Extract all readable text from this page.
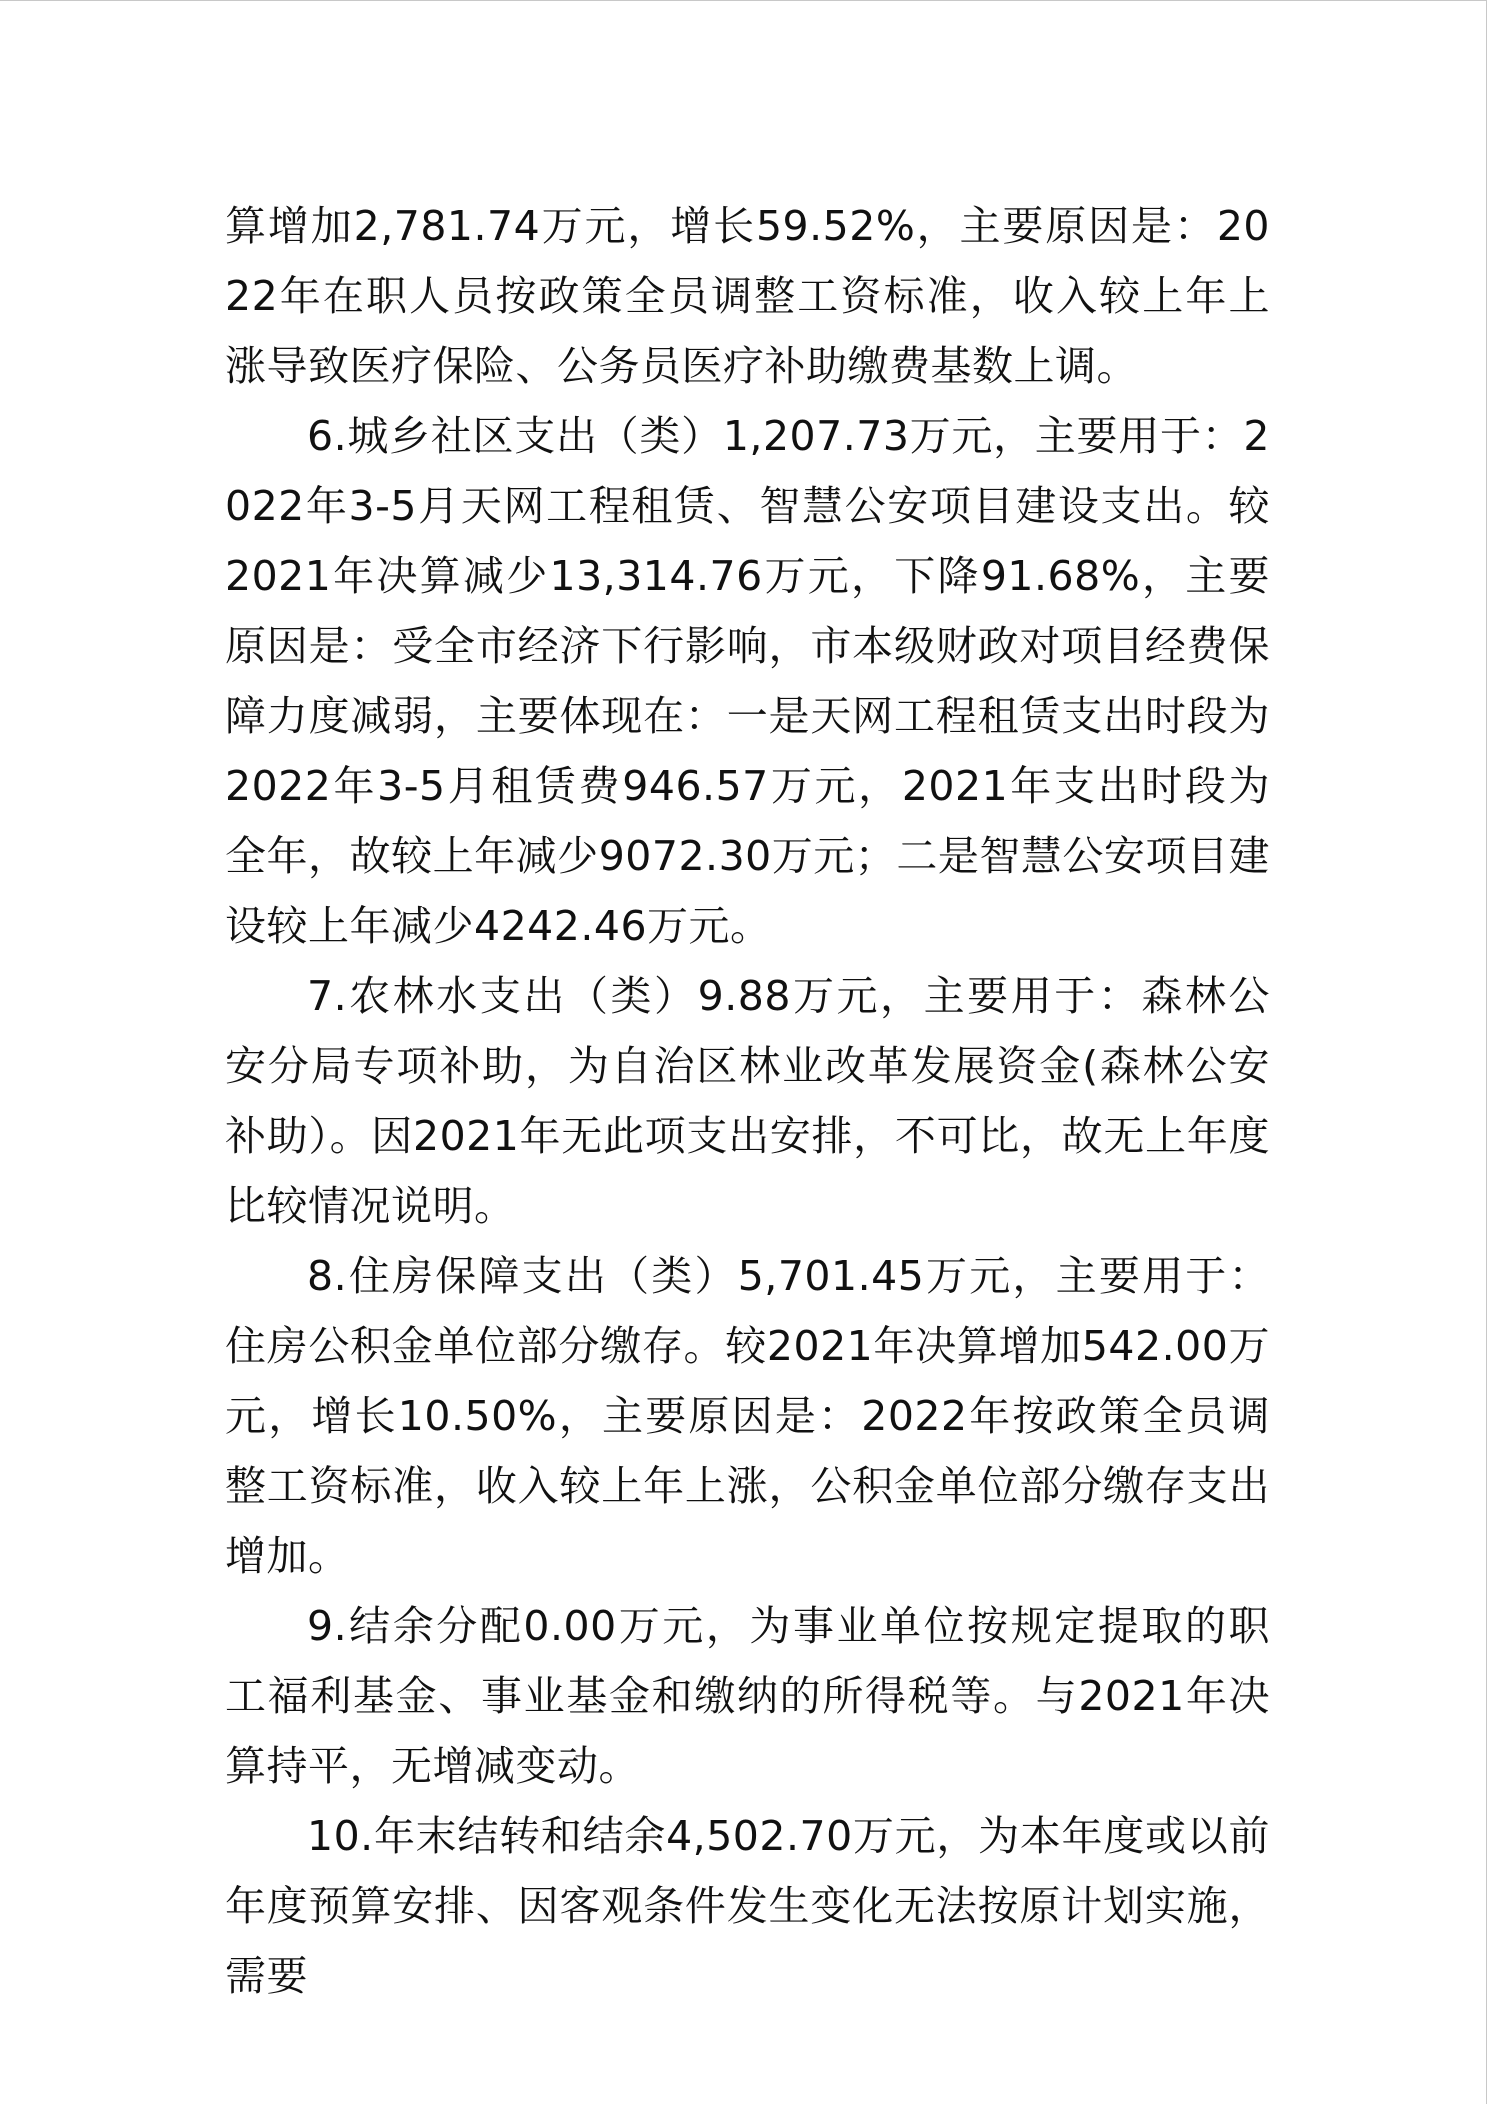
算增加2,781.74万元，增长59.52%，主要原因是：2022年在职人员按政策全员调整工资标准，收入较上年上涨导致医疗保险、公务员医疗补助缴费基数上调。

6.城乡社区支出（类）1,207.73万元，主要用于：2022年3-5月天网工程租赁、智慧公安项目建设支出。较2021年决算减少13,314.76万元，下降91.68%，主要原因是：受全市经济下行影响，市本级财政对项目经费保障力度减弱，主要体现在：一是天网工程租赁支出时段为2022年3-5月租赁费946.57万元，2021年支出时段为全年，故较上年减少9072.30万元；二是智慧公安项目建设较上年减少4242.46万元。

7.农林水支出（类）9.88万元，主要用于：森林公安分局专项补助，为自治区林业改革发展资金(森林公安补助）。因2021年无此项支出安排，不可比，故无上年度比较情况说明。

8.住房保障支出（类）5,701.45万元，主要用于：住房公积金单位部分缴存。较2021年决算增加542.00万元，增长10.50%，主要原因是：2022年按政策全员调整工资标准，收入较上年上涨，公积金单位部分缴存支出增加。

9.结余分配0.00万元，为事业单位按规定提取的职工福利基金、事业基金和缴纳的所得税等。与2021年决算持平，无增减变动。

10.年末结转和结余4,502.70万元，为本年度或以前年度预算安排、因客观条件发生变化无法按原计划实施，需要
